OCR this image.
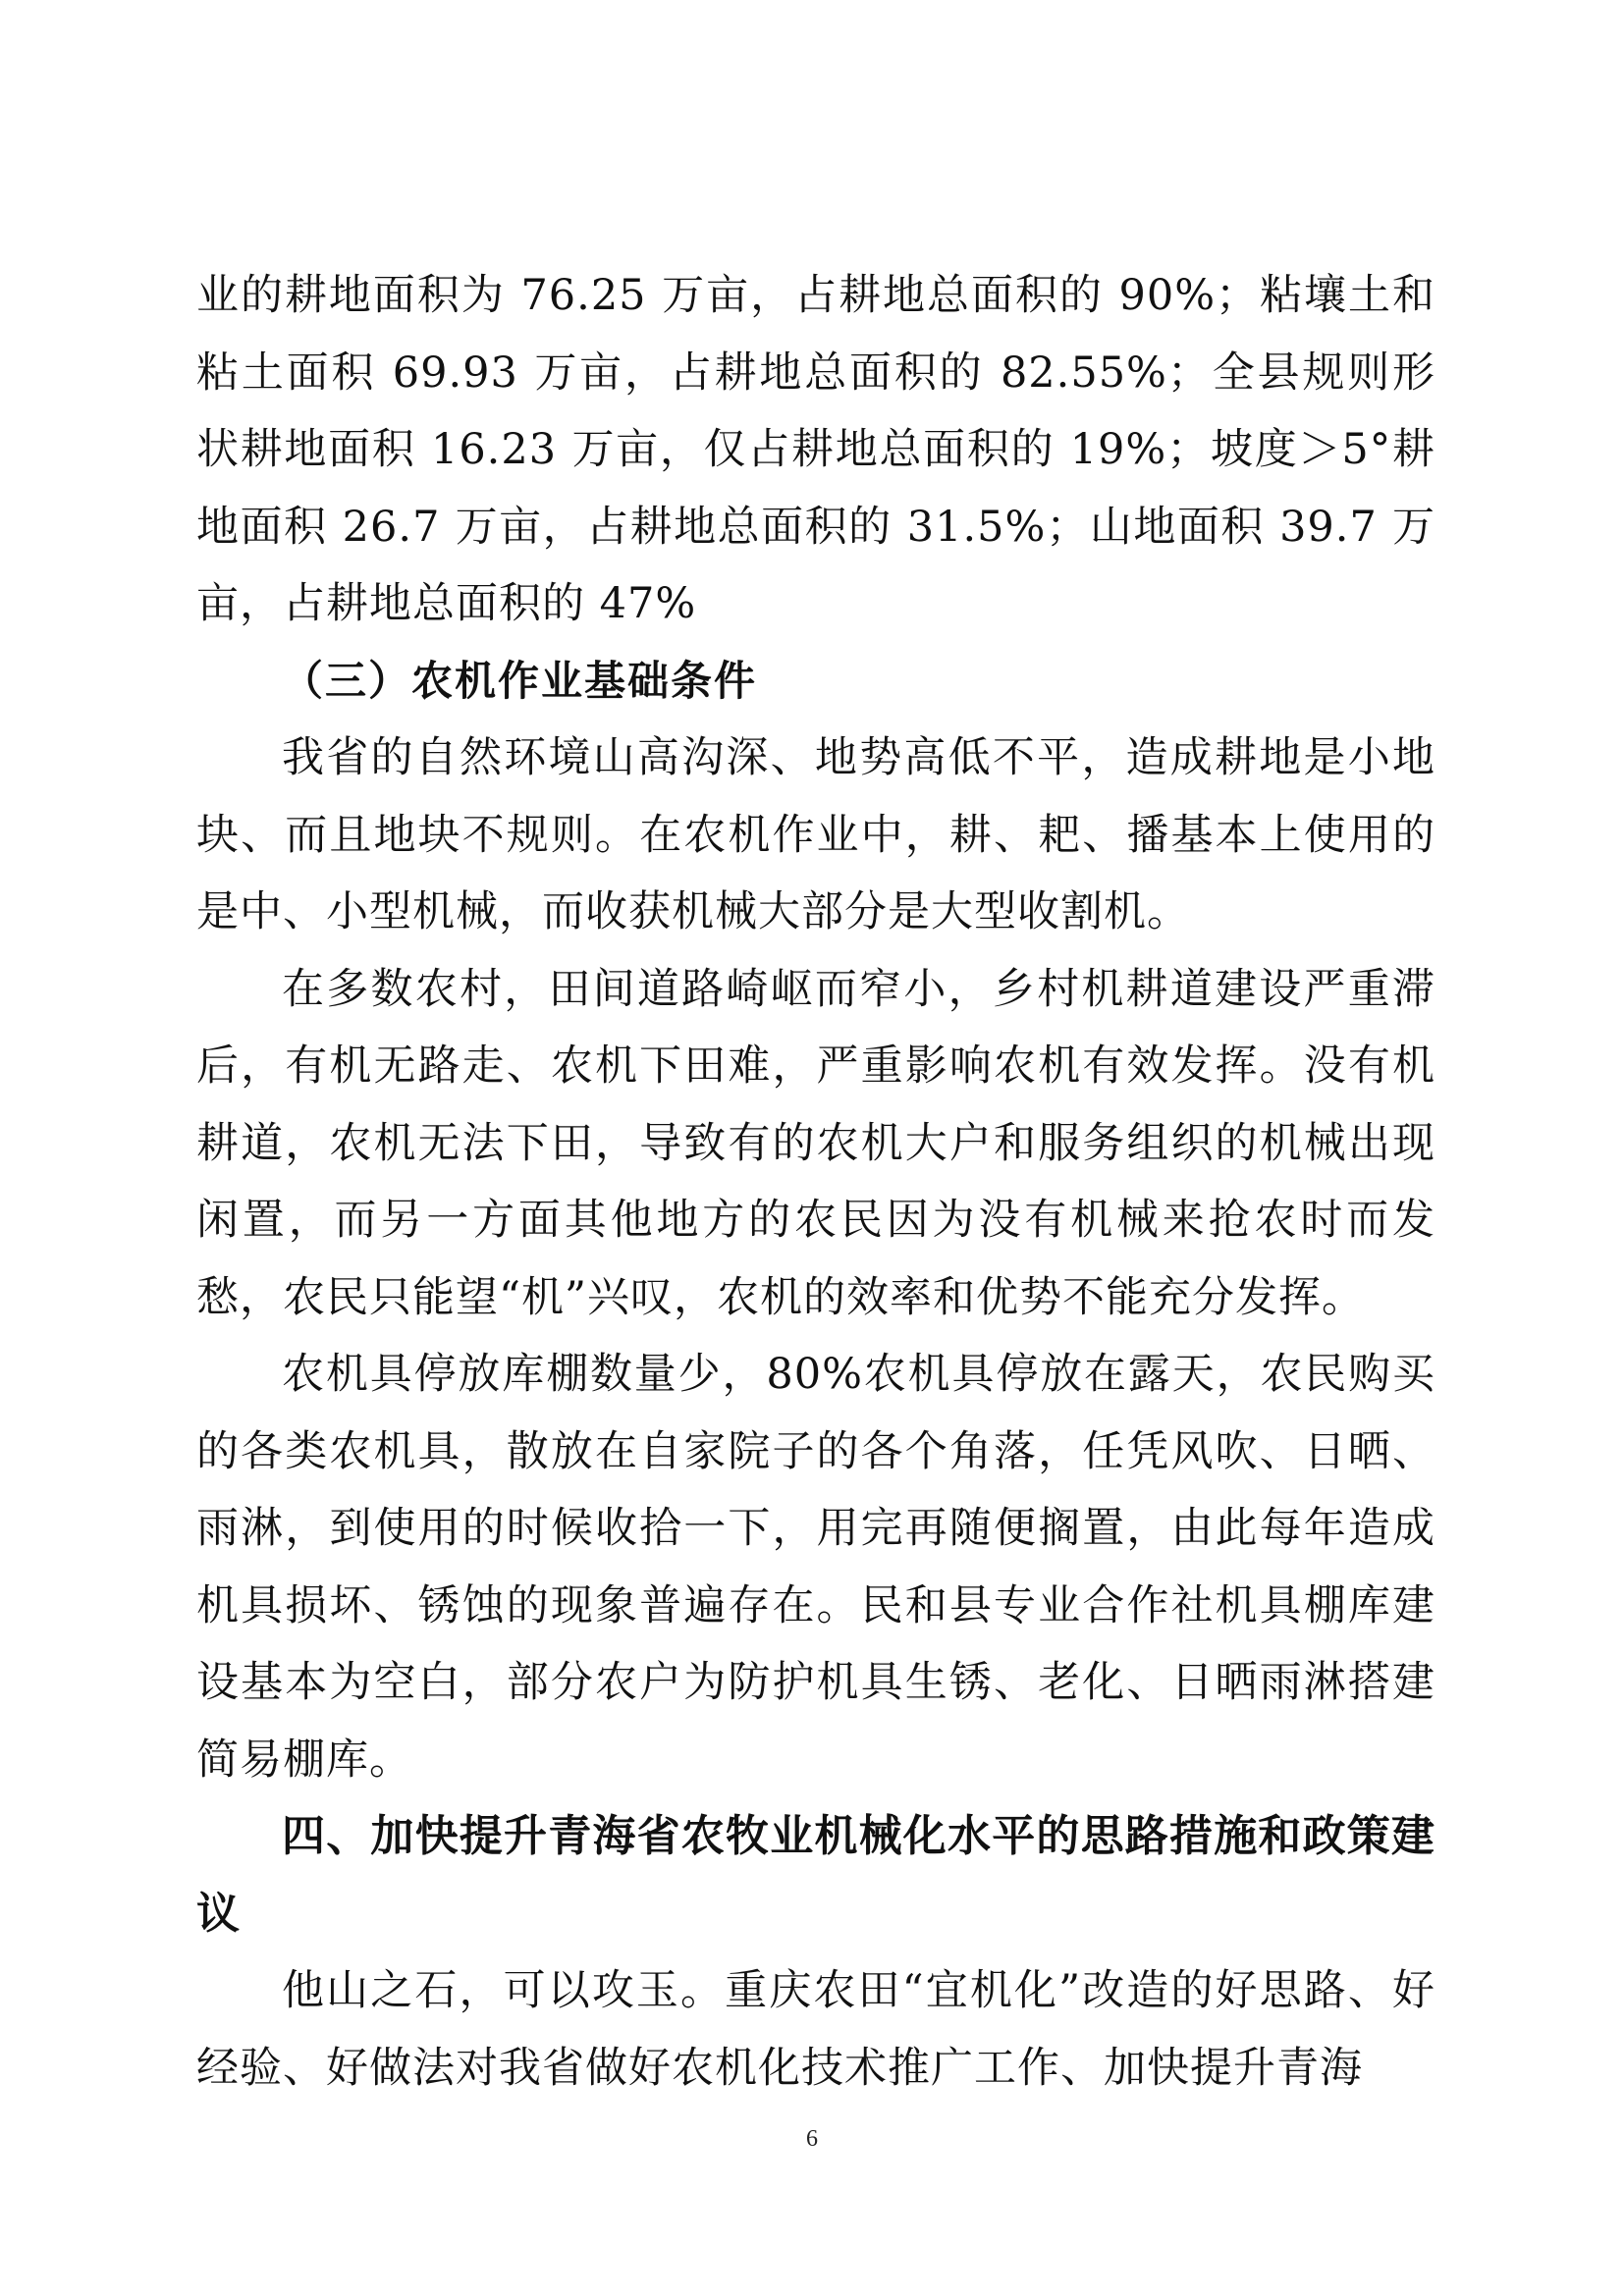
业的耕地面积为 76.25 万亩，占耕地总面积的 90%；粘壤土和粘土面积 69.93 万亩，占耕地总面积的 82.55%；全县规则形状耕地面积 16.23 万亩，仅占耕地总面积的 19%；坡度＞5°耕地面积 26.7 万亩，占耕地总面积的 31.5%；山地面积 39.7 万亩，占耕地总面积的 47%

（三）农机作业基础条件

我省的自然环境山高沟深、地势高低不平，造成耕地是小地块、而且地块不规则。在农机作业中，耕、耙、播基本上使用的是中、小型机械，而收获机械大部分是大型收割机。

在多数农村，田间道路崎岖而窄小，乡村机耕道建设严重滞后，有机无路走、农机下田难，严重影响农机有效发挥。没有机耕道，农机无法下田，导致有的农机大户和服务组织的机械出现闲置，而另一方面其他地方的农民因为没有机械来抢农时而发愁，农民只能望“机”兴叹，农机的效率和优势不能充分发挥。

农机具停放库棚数量少，80%农机具停放在露天，农民购买的各类农机具，散放在自家院子的各个角落，任凭风吹、日晒、雨淋，到使用的时候收拾一下，用完再随便搁置，由此每年造成机具损坏、锈蚀的现象普遍存在。民和县专业合作社机具棚库建设基本为空白，部分农户为防护机具生锈、老化、日晒雨淋搭建简易棚库。

四、加快提升青海省农牧业机械化水平的思路措施和政策建议

他山之石，可以攻玉。重庆农田“宜机化”改造的好思路、好经验、好做法对我省做好农机化技术推广工作、加快提升青海

6
